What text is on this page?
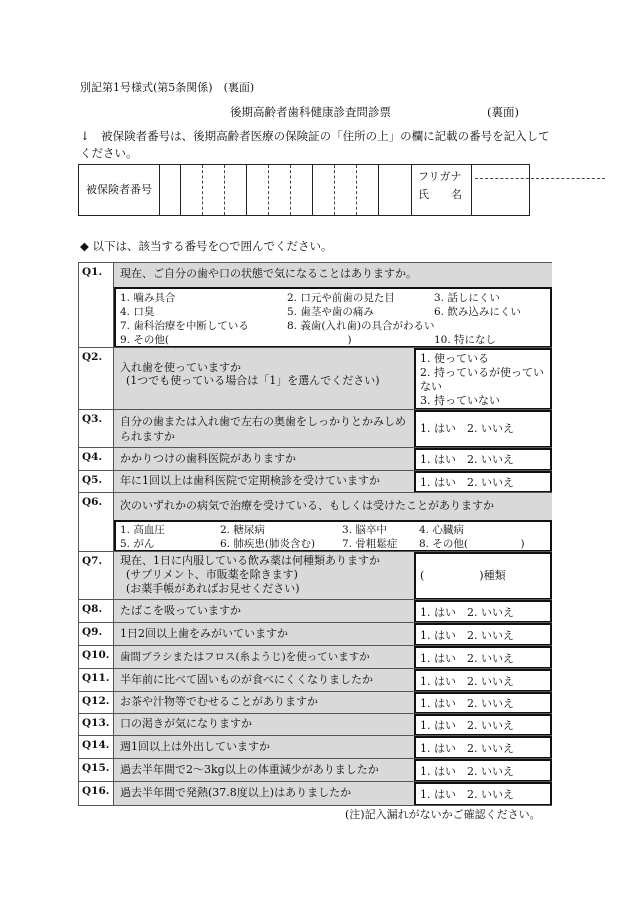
別記第1号様式(第5条関係)　(裏面)
後期高齢者歯科健康診査問診票	(裏面)
↓　被保険者番号は、後期高齢者医療の保険証の「住所の上」の欄に記載の番号を記入してください。
被保険者番号
フリガナ
氏　　名
◆ 以下は、該当する番号を○で囲んでください。
Q1.	現在、ご自分の歯や口の状態で気になることはありますか。
1. 噛み具合	2. 口元や前歯の見た目	3. 話しにくい
4. 口臭	5. 歯茎や歯の痛み	6. 飲み込みにくい
7. 歯科治療を中断している	8. 義歯(入れ歯)の具合がわるい
9. その他(　　　　　　　　　　　　　　　　　)	10. 特になし
Q2.
入れ歯を使っていますか
(1つでも使っている場合は「1」を選んでください)
1. 使っている
2. 持っているが使っていない
3. 持っていない
Q3.	自分の歯または入れ歯で左右の奥歯をしっかりとかみしめられますか
1. はい　2. いいえ
Q4.	かかりつけの歯科医院がありますか	1. はい　2. いいえ
Q5.	年に1回以上は歯科医院で定期検診を受けていますか	1. はい　2. いいえ
Q6.	次のいずれかの病気で治療を受けている、もしくは受けたことがありますか
1. 高血圧	2. 糖尿病	3. 脳卒中	4. 心臓病
5. がん	6. 肺疾患(肺炎含む)	7. 骨粗鬆症 8. その他(　　　　　)
Q7.	現在、1日に内服している飲み薬は何種類ありますか
(サプリメント、市販薬を除きます)
(お薬手帳があればお見せください)
(　　　　　)種類
Q8.	たばこを吸っていますか	1. はい　2. いいえ
Q9.	1日2回以上歯をみがいていますか	1. はい　2. いいえ
Q10.	歯間ブラシまたはフロス(糸ようじ)を使っていますか	1. はい　2. いいえ
Q11. 半年前に比べて固いものが食べにくくなりましたか	1. はい　2. いいえ
Q12. お茶や汁物等でむせることがありますか	1. はい　2. いいえ
Q13. 口の渇きが気になりますか	1. はい　2. いいえ
Q14. 週1回以上は外出していますか	1. はい　2. いいえ
Q15. 過去半年間で2～3kg以上の体重減少がありましたか	1. はい　2. いいえ
Q16. 過去半年間で発熱(37.8度以上)はありましたか	1. はい　2. いいえ
(注)記入漏れがないかご確認ください。
